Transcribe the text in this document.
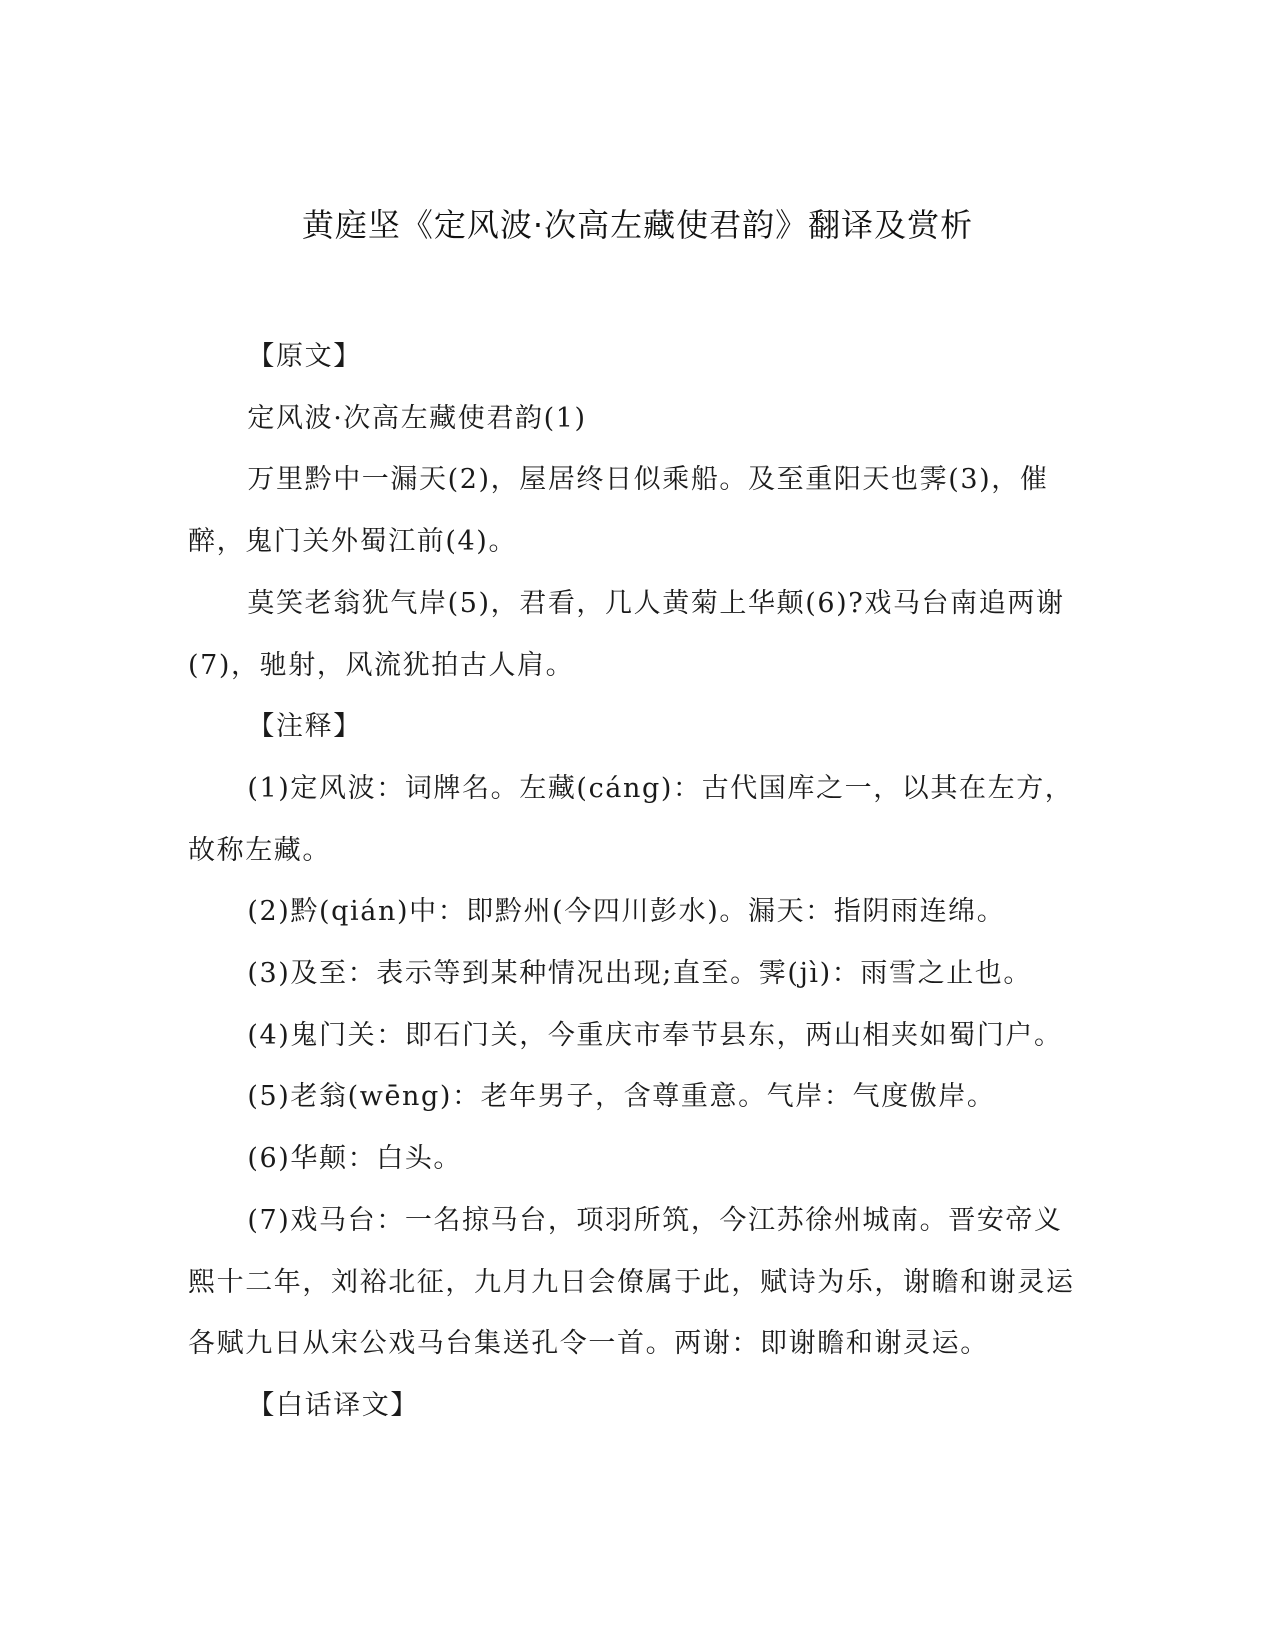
黄庭坚《定风波·次高左藏使君韵》翻译及赏析

【原文】

定风波·次高左藏使君韵(1)

万里黔中一漏天(2)，屋居终日似乘船。及至重阳天也霁(3)，催醉，鬼门关外蜀江前(4)。

莫笑老翁犹气岸(5)，君看，几人黄菊上华颠(6)?戏马台南追两谢(7)，驰射，风流犹拍古人肩。

【注释】

(1)定风波：词牌名。左藏(cáng)：古代国库之一，以其在左方，故称左藏。

(2)黔(qián)中：即黔州(今四川彭水)。漏天：指阴雨连绵。

(3)及至：表示等到某种情况出现;直至。霁(jì)：雨雪之止也。

(4)鬼门关：即石门关，今重庆市奉节县东，两山相夹如蜀门户。

(5)老翁(wēng)：老年男子，含尊重意。气岸：气度傲岸。

(6)华颠：白头。

(7)戏马台：一名掠马台，项羽所筑，今江苏徐州城南。晋安帝义熙十二年，刘裕北征，九月九日会僚属于此，赋诗为乐，谢瞻和谢灵运各赋九日从宋公戏马台集送孔令一首。两谢：即谢瞻和谢灵运。

【白话译文】
